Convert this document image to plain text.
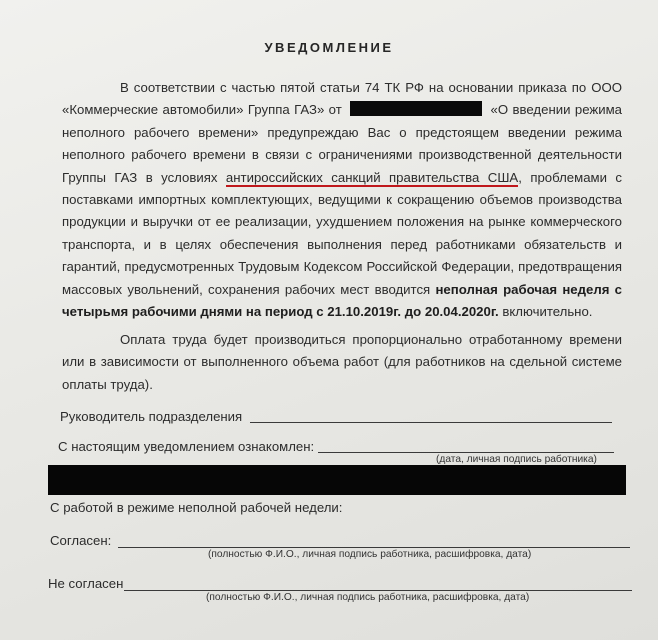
УВЕДОМЛЕНИЕ
В соответствии с частью пятой статьи 74 ТК РФ на основании приказа по ООО «Коммерческие автомобили» Группа ГАЗ» от	«О введении режима неполного рабочего времени» предупреждаю Вас о предстоящем введении режима неполного рабочего времени в связи с ограничениями производственной деятельности Группы ГАЗ в условиях антироссийских санкций правительства США, проблемами с поставками импортных комплектующих, ведущими к сокращению объемов производства продукции и выручки от ее реализации, ухудшением положения на рынке коммерческого транспорта, и в целях обеспечения выполнения перед работниками обязательств и гарантий, предусмотренных Трудовым Кодексом Российской Федерации, предотвращения массовых увольнений, сохранения рабочих мест вводится неполная рабочая неделя с четырьмя рабочими днями на период с 21.10.2019г. до 20.04.2020г. включительно.
Оплата труда будет производиться пропорционально отработанному времени или в зависимости от выполненного объема работ (для работников на сдельной системе оплаты труда).
Руководитель подразделения
С настоящим уведомлением ознакомлен:
(дата, личная подпись работника)
С работой в режиме неполной рабочей недели:
Согласен:
(полностью Ф.И.О., личная подпись работника, расшифровка, дата)
Не согласен
(полностью Ф.И.О., личная подпись работника, расшифровка, дата)
